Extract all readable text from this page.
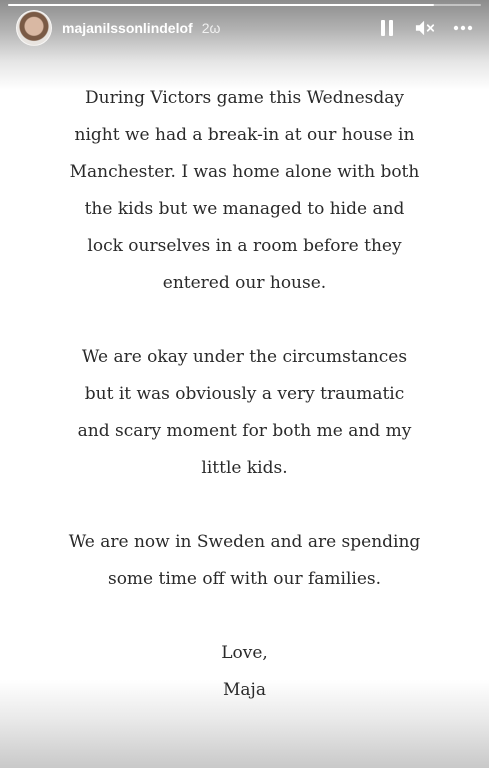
majanilssonlindelof 2ω

During Victors game this Wednesday

night we had a break-in at our house in

Manchester. I was home alone with both

the kids but we managed to hide and

lock ourselves in a room before they

entered our house.

We are okay under the circumstances

but it was obviously a very traumatic

and scary moment for both me and my

little kids.

We are now in Sweden and are spending

some time off with our families.

Love,

Maja
